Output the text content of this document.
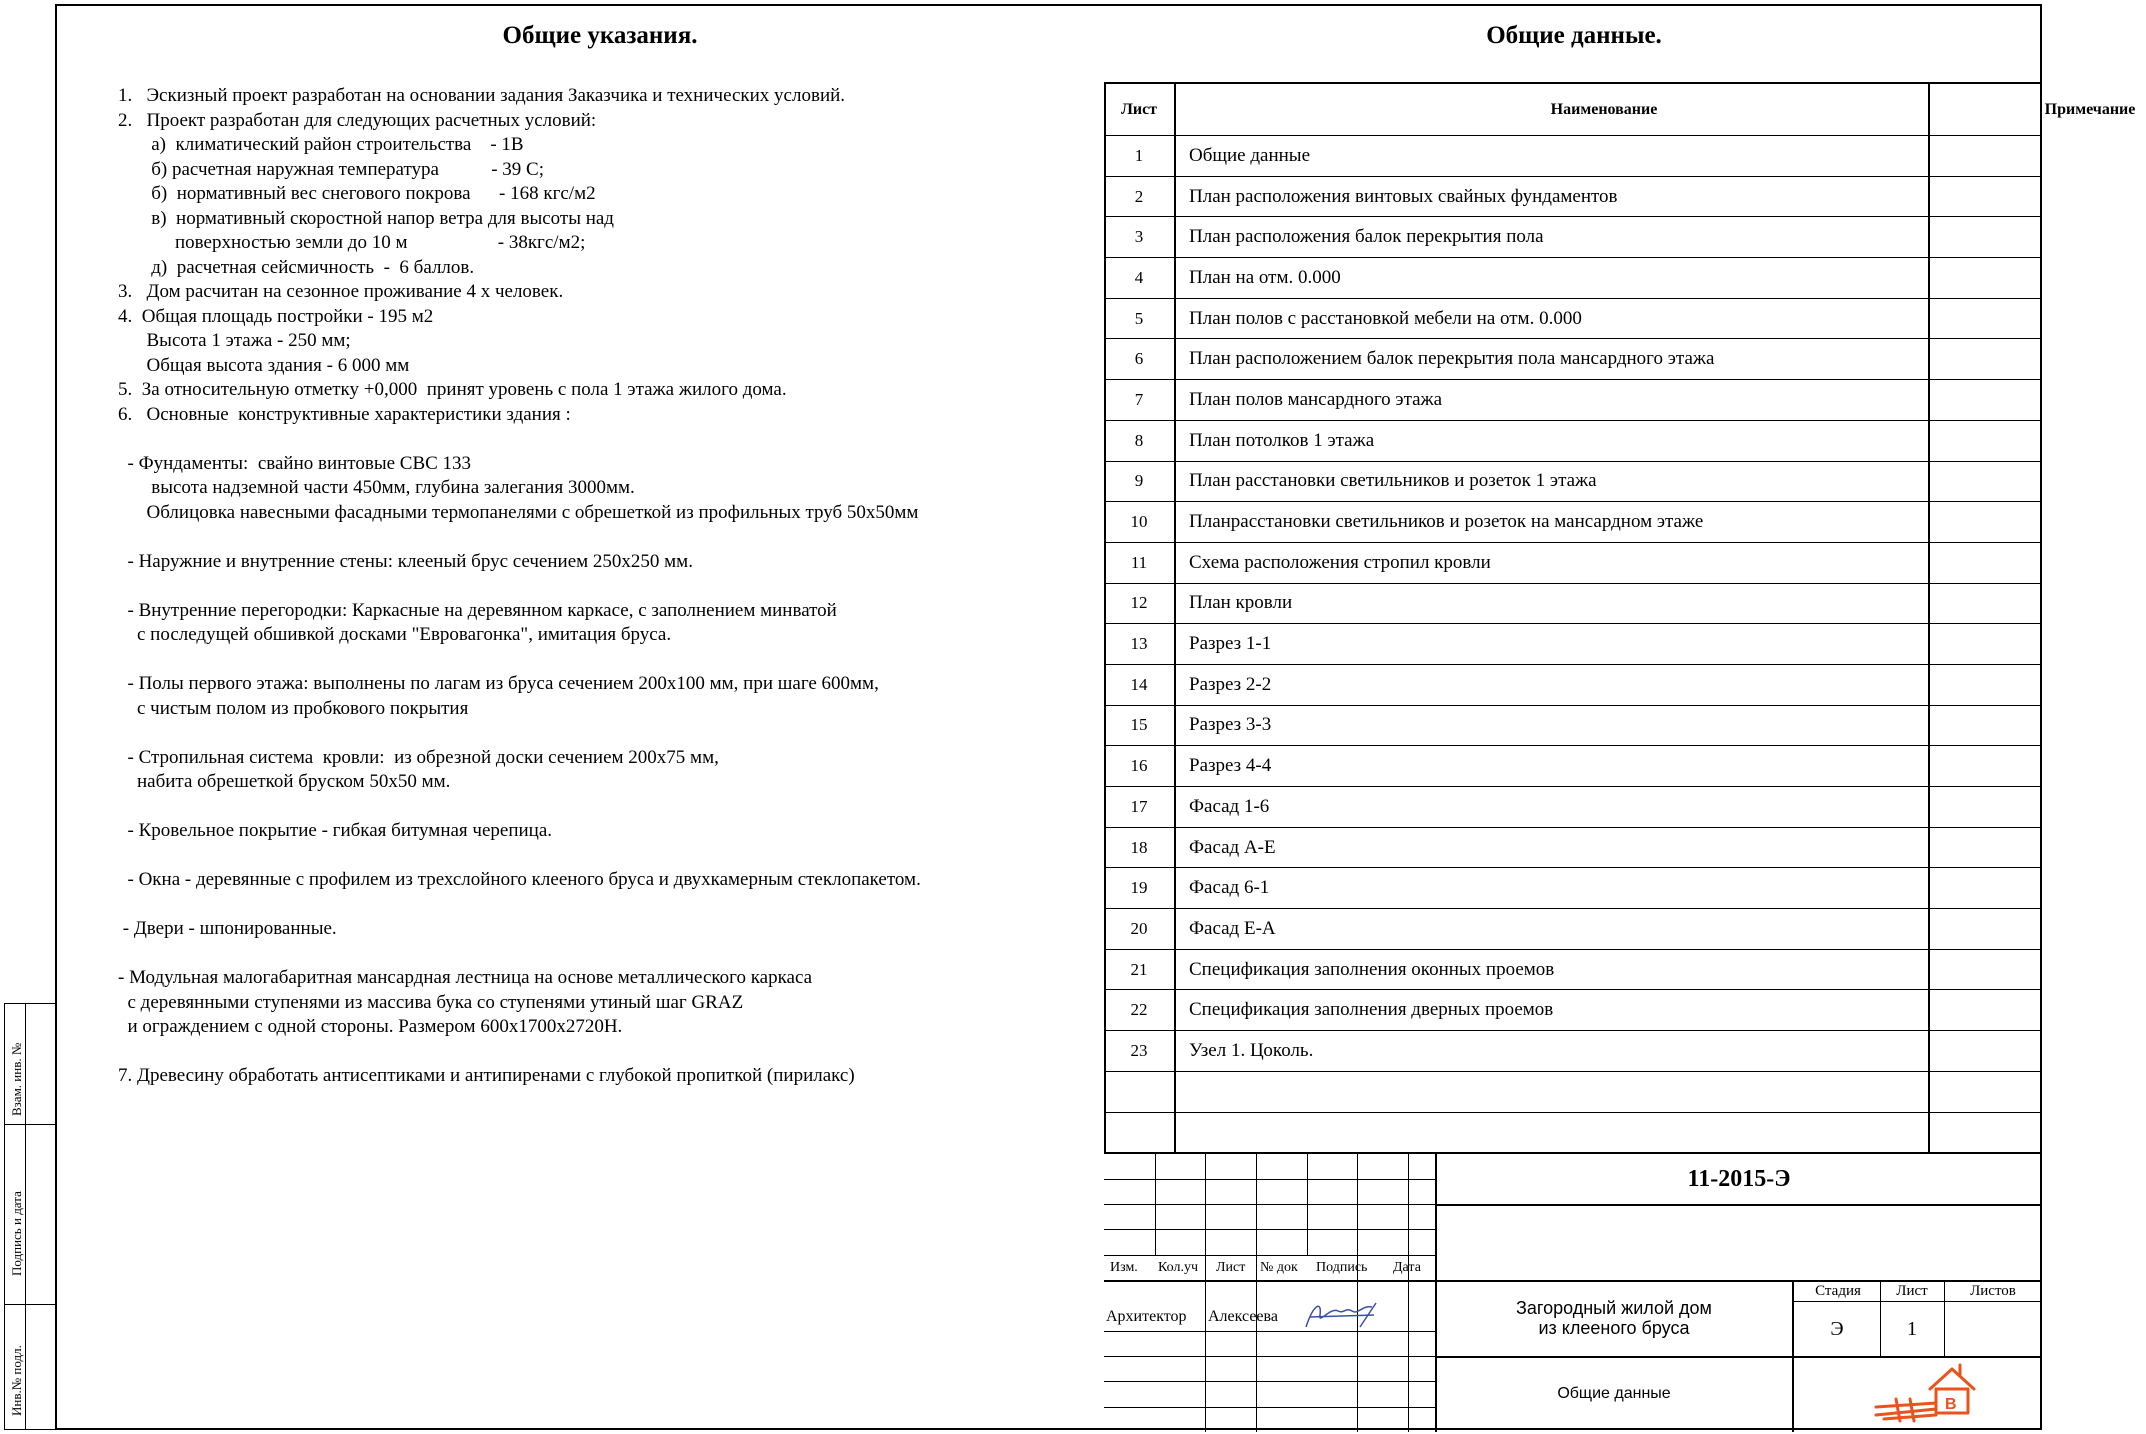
Взам. инв. №
Подпись и дата
Инв.№ подл.
Общие указания.	Общие данные.
1.   Эскизный проект разработан на основании задания Заказчика и технических условий.
2.   Проект разработан для следующих расчетных условий:
а)  климатический район строительства    - 1В
б) расчетная наружная температура           - 39 С;
б)  нормативный вес снегового покрова      - 168 кгс/м2
в)  нормативный скоростной напор ветра для высоты над
поверхностью земли до 10 м                   - 38кгс/м2;
д)  расчетная сейсмичность  -  6 баллов.
3.   Дом расчитан на сезонное проживание 4 х человек.
4.  Общая площадь постройки - 195 м2
Высота 1 этажа - 250 мм;
Общая высота здания - 6 000 мм
5.  За относительную отметку +0,000  принят уровень с пола 1 этажа жилого дома.
6.   Основные  конструктивные характеристики здания :
- Фундаменты:  свайно винтовые СВС 133
высота надземной части 450мм, глубина залегания 3000мм.
Облицовка навесными фасадными термопанелями с обрешеткой из профильных труб 50х50мм
- Наружние и внутренние стены: клееный брус сечением 250х250 мм.
- Внутренние перегородки: Каркасные на деревянном каркасе, с заполнением минватой
с последущей обшивкой досками "Евровагонка", имитация бруса.
- Полы первого этажа: выполнены по лагам из бруса сечением 200х100 мм, при шаге 600мм,
с чистым полом из пробкового покрытия
- Стропильная система  кровли:  из обрезной доски сечением 200х75 мм,
набита обрешеткой бруском 50х50 мм.
- Кровельное покрытие - гибкая битумная черепица.
- Окна - деревянные с профилем из трехслойного клееного бруса и двухкамерным стеклопакетом.
- Двери - шпонированные.
- Модульная малогабаритная мансардная лестница на основе металлического каркаса
с деревянными ступенями из массива бука со ступенями утиный шаг GRAZ
и ограждением с одной стороны. Размером 600х1700х2720Н.
7. Древесину обработать антисептиками и антипиренами с глубокой пропиткой (пирилакс)
Лист	Наименование	Примечание
1	Общие данные
2	План расположения винтовых свайных фундаментов
3	План расположения балок перекрытия пола
4	План на отм. 0.000
5	План полов с расстановкой мебели на отм. 0.000
6	План расположением балок перекрытия пола мансардного этажа
7	План полов мансардного этажа
8	План потолков 1 этажа
9	План расстановки светильников и розеток 1 этажа
10	Планрасстановки светильников и розеток на мансардном этаже
11	Схема расположения стропил кровли
12	План кровли
13	Разрез 1-1
14	Разрез 2-2
15	Разрез 3-3
16	Разрез 4-4
17	Фасад 1-6
18	Фасад А-Е
19	Фасад 6-1
20	Фасад Е-А
21	Спецификация заполнения оконных проемов
22	Спецификация заполнения дверных проемов
23	Узел 1. Цоколь.
11-2015-Э
Изм. Кол.уч Лист № док Подпись Дата
Архитектор Алексеева	Загородный жилой дом
из клееного бруса
Общие данные
Стадия	Лист	Листов
Э	1
B
